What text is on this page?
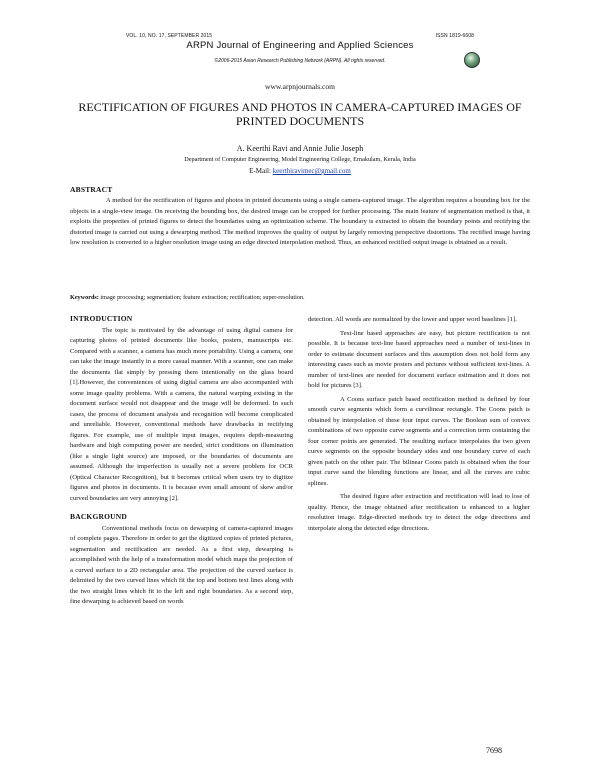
VOL. 10, NO. 17, SEPTEMBER 2015	ISSN 1819-6608
ARPN Journal of Engineering and Applied Sciences
©2006-2015 Asian Research Publishing Network (ARPN). All rights reserved.
www.arpnjournals.com
RECTIFICATION OF FIGURES AND PHOTOS IN CAMERA-CAPTURED IMAGES OF PRINTED DOCUMENTS
A. Keerthi Ravi and Annie Julie Joseph
Department of Computer Engineering, Model Engineering College, Ernakulam, Kerala, India
E-Mail: keerthiravimec@gmail.com
ABSTRACT

A method for the rectification of figures and photos in printed documents using a single camera-captured image. The algorithm requires a bounding box for the objects in a single-view image. On receiving the bounding box, the desired image can be cropped for further processing. The main feature of segmentation method is that, it exploits the properties of printed figures to detect the boundaries using an optimization scheme. The boundary is extracted to obtain the boundary points and rectifying the distorted image is carried out using a dewarping method. The method improves the quality of output by largely removing perspective distortions. The rectified image having low resolution is converted to a higher resolution image using an edge directed interpolation method. Thus, an enhanced rectified output image is obtained as a result.

Keywords: image processing; segmentation; feature extraction; rectification; super-resolution.
INTRODUCTION

The topic is motivated by the advantage of using digital camera for capturing photos of printed documents like books, posters, manuscripts etc. Compared with a scanner, a camera has much more portability. Using a camera, one can take the image instantly in a more casual manner. With a scanner, one can make the documents flat simply by pressing them intentionally on the glass board [1].However, the conveniences of using digital camera are also accompanied with some image quality problems. With a camera, the natural warping existing in the document surface would not disappear and the image will be deformed. In such cases, the process of document analysis and recognition will become complicated and unreliable. However, conventional methods have drawbacks in rectifying figures. For example, use of multiple input images, requires depth-measuring hardware and high computing power are needed, strict conditions on illumination (like a single light source) are imposed, or the boundaries of documents are assumed. Although the imperfection is usually not a severe problem for OCR (Optical Character Recognition), but it becomes critical when users try to digitize figures and photos in documents. It is because even small amount of skew and/or curved boundaries are very annoying [2].

BACKGROUND

Conventional methods focus on dewarping of camera-captured images of complete pages. Therefore in order to get the digitized copies of printed pictures, segmentation and rectification are needed. As a first step, dewarping is accomplished with the help of a transformation model which maps the projection of a curved surface to a 2D rectangular area. The projection of the curved surface is delimited by the two curved lines which fit the top and bottom text lines along with the two straight lines which fit to the left and right boundaries. As a second step, fine dewarping is achieved based on words

detection. All words are normalized by the lower and upper word baselines [1].

Text-line based approaches are easy, but picture rectification is not possible. It is because text-line based approaches need a number of text-lines in order to estimate document surfaces and this assumption does not hold form any interesting cases such as movie posters and pictures without sufficient text-lines. A number of text-lines are needed for document surface estimation and it does not hold for pictures [3].

A Coons surface patch based rectification method is defined by four smooth curve segments which form a curvilinear rectangle. The Coons patch is obtained by interpolation of these four input curves. The Boolean sum of convex combinations of two opposite curve segments and a correction term containing the four corner points are generated. The resulting surface interpolates the two given curve segments on the opposite boundary sides and one boundary curve of each given patch on the other pair. The bilinear Coons patch is obtained when the four input curve sand the blending functions are linear, and all the curves are cubic splines.

The desired figure after extraction and rectification will lead to lose of quality. Hence, the image obtained after rectification is enhanced to a higher resolution image. Edge-directed methods try to detect the edge directions and interpolate along the detected edge directions.

7698
